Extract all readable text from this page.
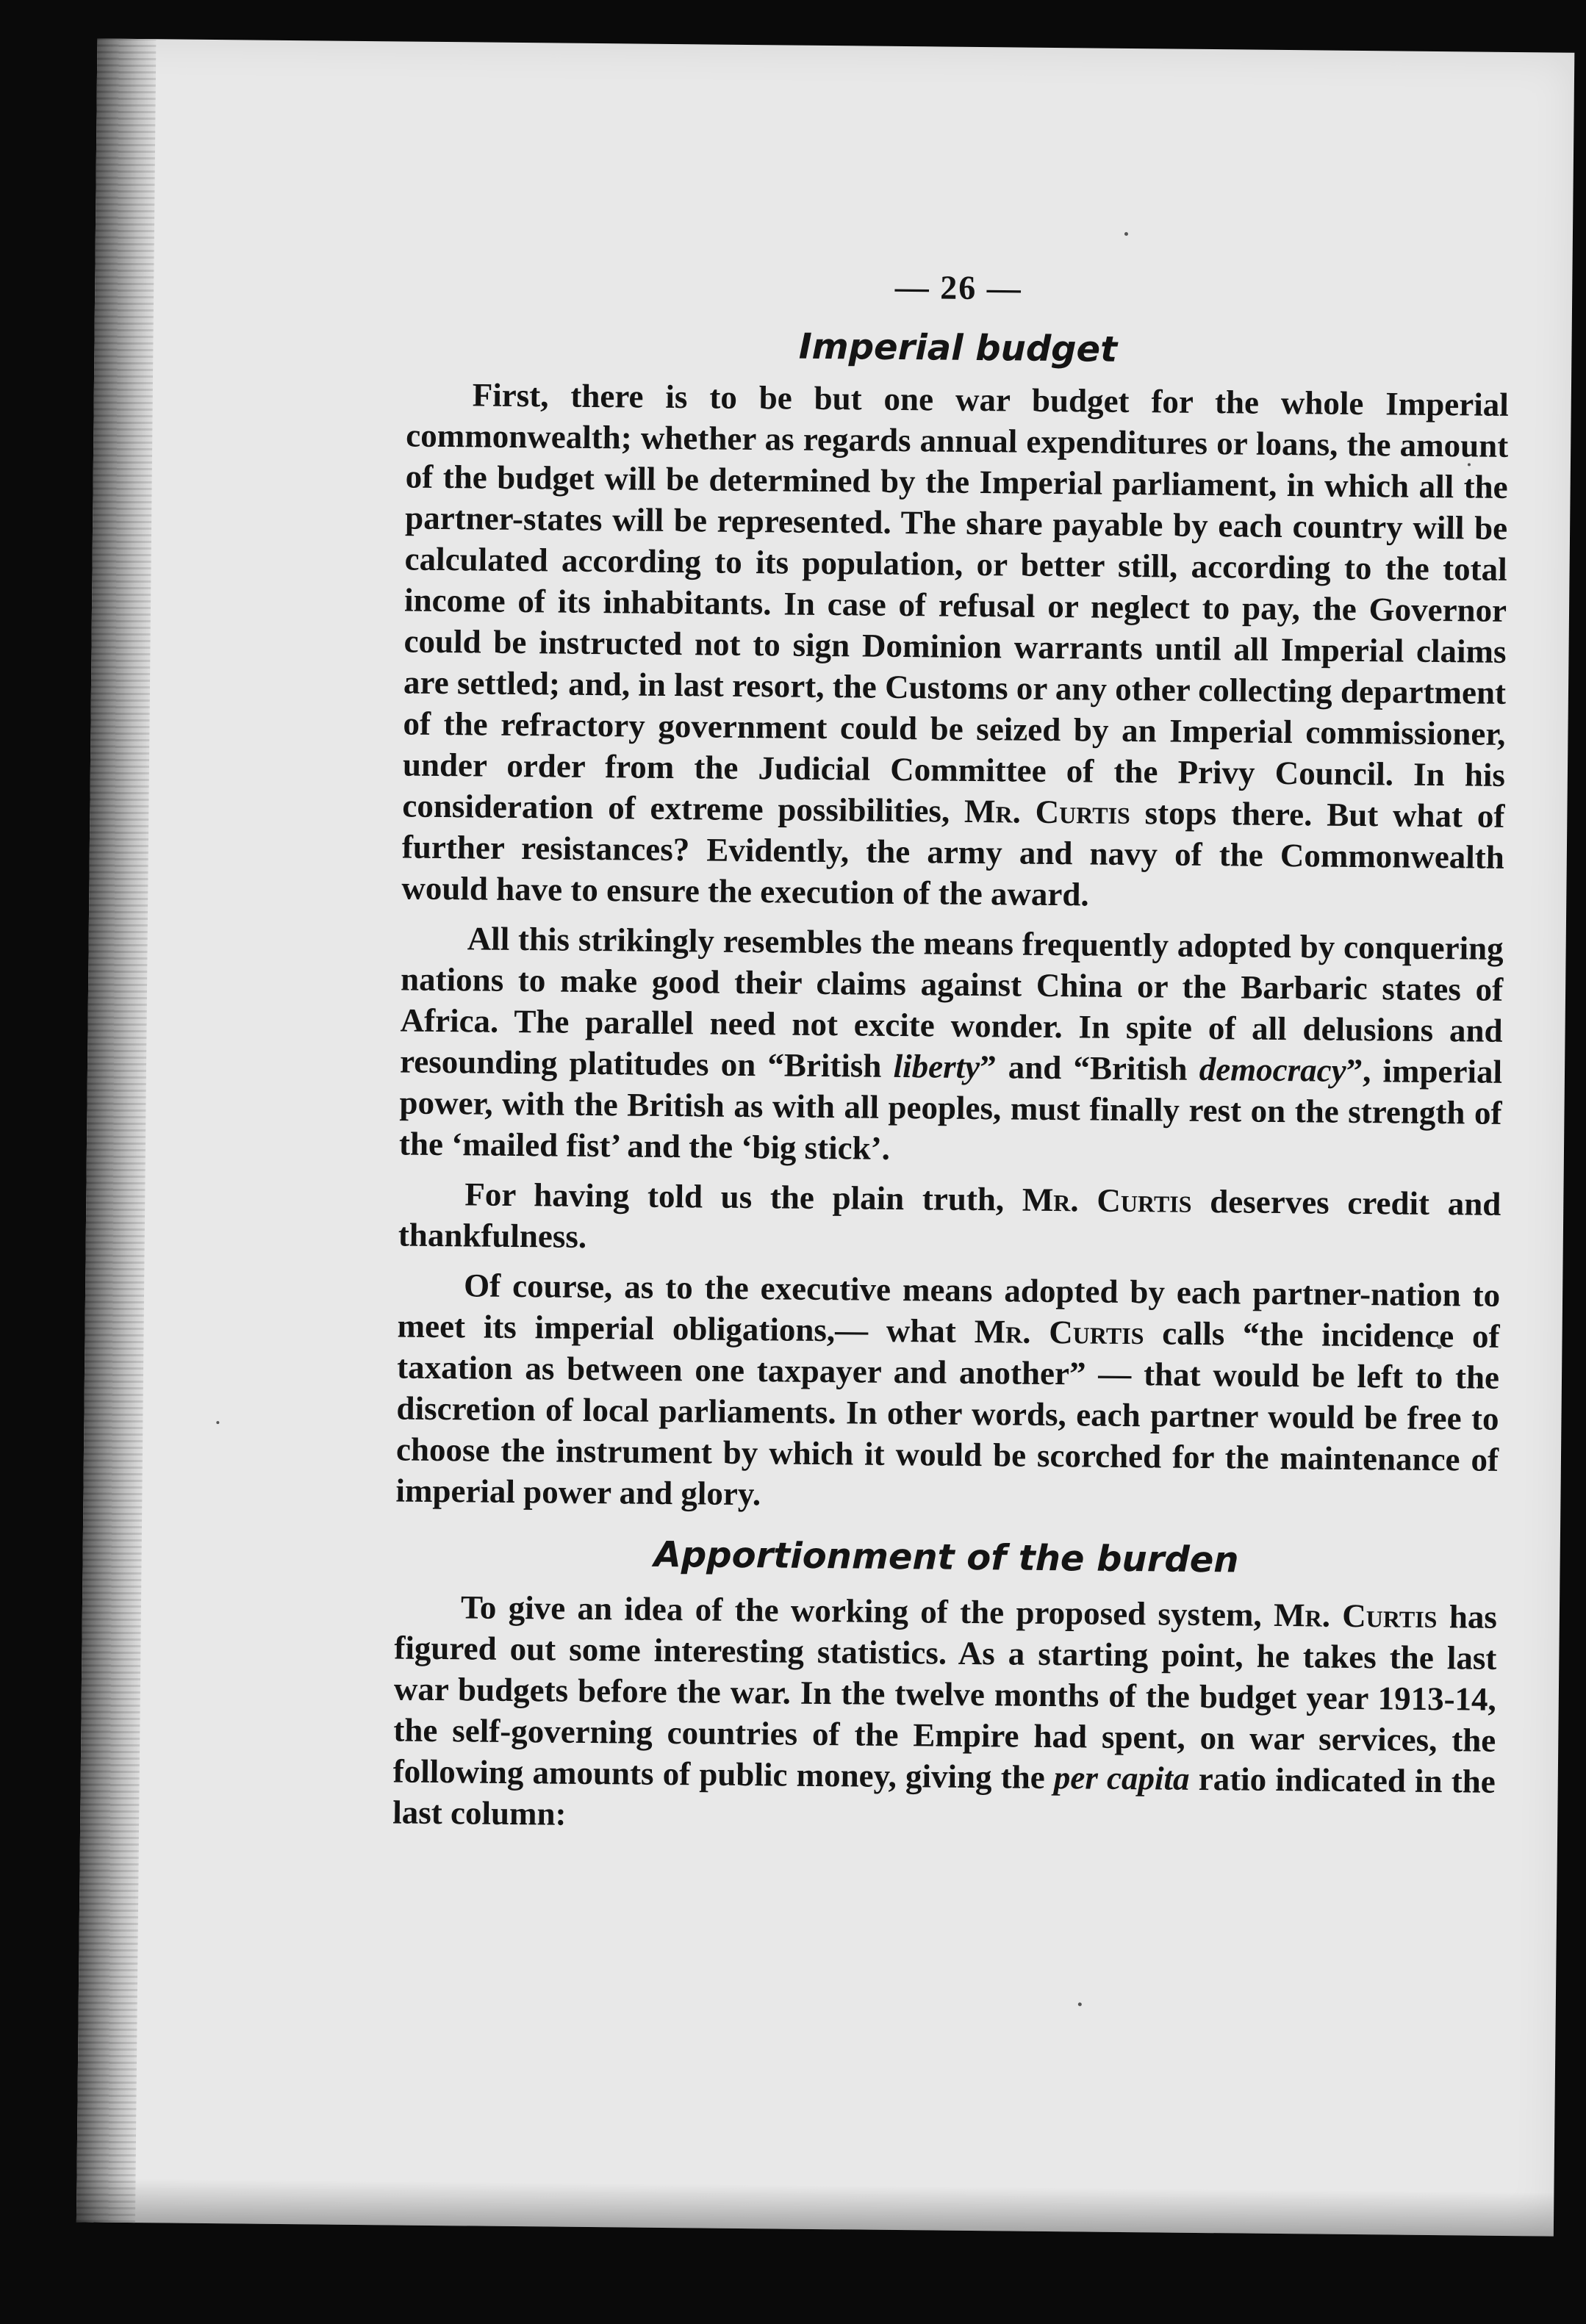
— 26 —
Imperial budget

First, there is to be but one war budget for the whole Imperial commonwealth; whether as regards annual expenditures or loans, the amount of the budget will be determined by the Imperial parliament, in which all the partner-states will be represented. The share payable by each country will be calculated according to its population, or better still, according to the total income of its inhabitants. In case of refusal or neglect to pay, the Governor could be instructed not to sign Dominion warrants until all Imperial claims are settled; and, in last resort, the Customs or any other collecting department of the refractory government could be seized by an Imperial commissioner, under order from the Judicial Committee of the Privy Council. In his consideration of extreme possibilities, Mr. Curtis stops there. But what of further resistances? Evidently, the army and navy of the Commonwealth would have to ensure the execution of the award.

All this strikingly resembles the means frequently adopted by conquering nations to make good their claims against China or the Barbaric states of Africa. The parallel need not excite wonder. In spite of all delusions and resounding platitudes on “British liberty” and “British democracy”, imperial power, with the British as with all peoples, must finally rest on the strength of the ‘mailed fist’ and the ‘big stick’.

For having told us the plain truth, Mr. Curtis deserves credit and thankfulness.

Of course, as to the executive means adopted by each partner-nation to meet its imperial obligations,— what Mr. Curtis calls “the incidence of taxation as between one taxpayer and another” — that would be left to the discretion of local parliaments. In other words, each partner would be free to choose the instrument by which it would be scorched for the maintenance of imperial power and glory.

Apportionment of the burden

To give an idea of the working of the proposed system, Mr. Curtis has figured out some interesting statistics. As a starting point, he takes the last war budgets before the war. In the twelve months of the budget year 1913-14, the self-governing countries of the Empire had spent, on war services, the following amounts of public money, giving the per capita ratio indicated in the last column:
